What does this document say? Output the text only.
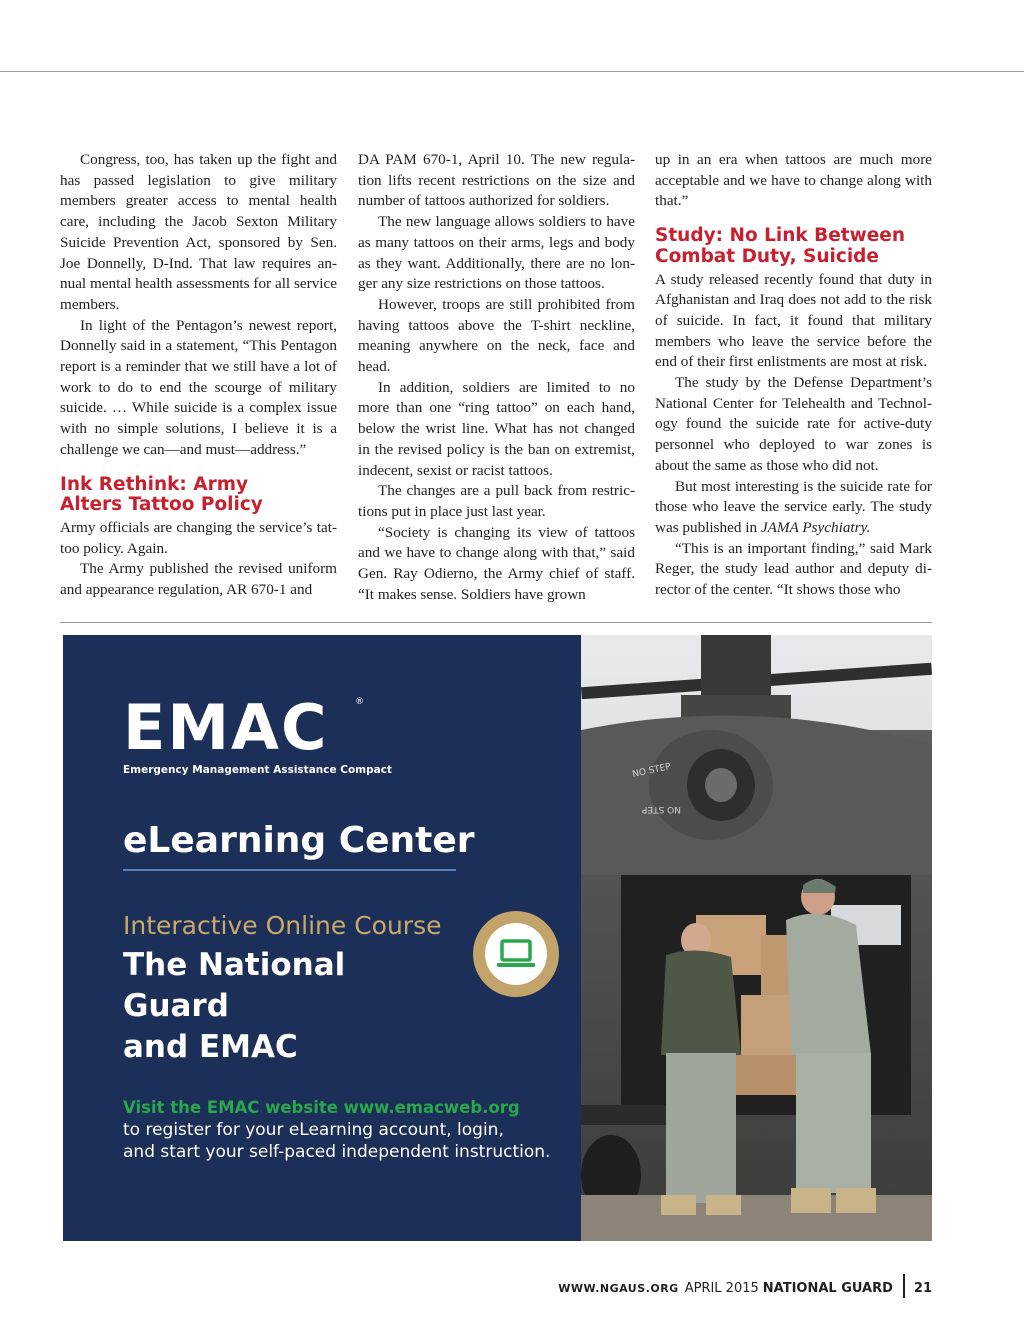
Congress, too, has taken up the fight and has passed legislation to give military members greater access to mental health care, including the Jacob Sexton Military Suicide Prevention Act, sponsored by Sen. Joe Donnelly, D-Ind. That law requires annual mental health assessments for all service members.

In light of the Pentagon’s newest report, Donnelly said in a statement, “This Pentagon report is a reminder that we still have a lot of work to do to end the scourge of military suicide. … While suicide is a complex issue with no simple solutions, I believe it is a challenge we can—and must—address.”

Ink Rethink: Army
Alters Tattoo Policy

Army officials are changing the service’s tattoo policy. Again.

The Army published the revised uniform and appearance regulation, AR 670-1 and

DA PAM 670-1, April 10. The new regulation lifts recent restrictions on the size and number of tattoos authorized for soldiers.

The new language allows soldiers to have as many tattoos on their arms, legs and body as they want. Additionally, there are no longer any size restrictions on those tattoos.

However, troops are still prohibited from having tattoos above the T-shirt neckline, meaning anywhere on the neck, face and head.

In addition, soldiers are limited to no more than one “ring tattoo” on each hand, below the wrist line. What has not changed in the revised policy is the ban on extremist, indecent, sexist or racist tattoos.

The changes are a pull back from restrictions put in place just last year.

“Society is changing its view of tattoos and we have to change along with that,” said Gen. Ray Odierno, the Army chief of staff. “It makes sense. Soldiers have grown

up in an era when tattoos are much more acceptable and we have to change along with that.”

Study: No Link Between
Combat Duty, Suicide

A study released recently found that duty in Afghanistan and Iraq does not add to the risk of suicide. In fact, it found that military members who leave the service before the end of their first enlistments are most at risk.

The study by the Defense Department’s National Center for Telehealth and Technology found the suicide rate for active-duty personnel who deployed to war zones is about the same as those who did not.

But most interesting is the suicide rate for those who leave the service early. The study was published in JAMA Psychiatry.

“This is an important finding,” said Mark Reger, the study lead author and deputy director of the center. “It shows those who

EMAC	®
Emergency Management Assistance Compact
eLearning Center
Interactive Online Course
The National Guard
and EMAC
Visit the EMAC website www.emacweb.org
to register for your eLearning account, login,
and start your self-paced independent instruction.
NO STEP
NO STEP
WWW.NGAUS.ORG APRIL 2015 NATIONAL GUARD 21
